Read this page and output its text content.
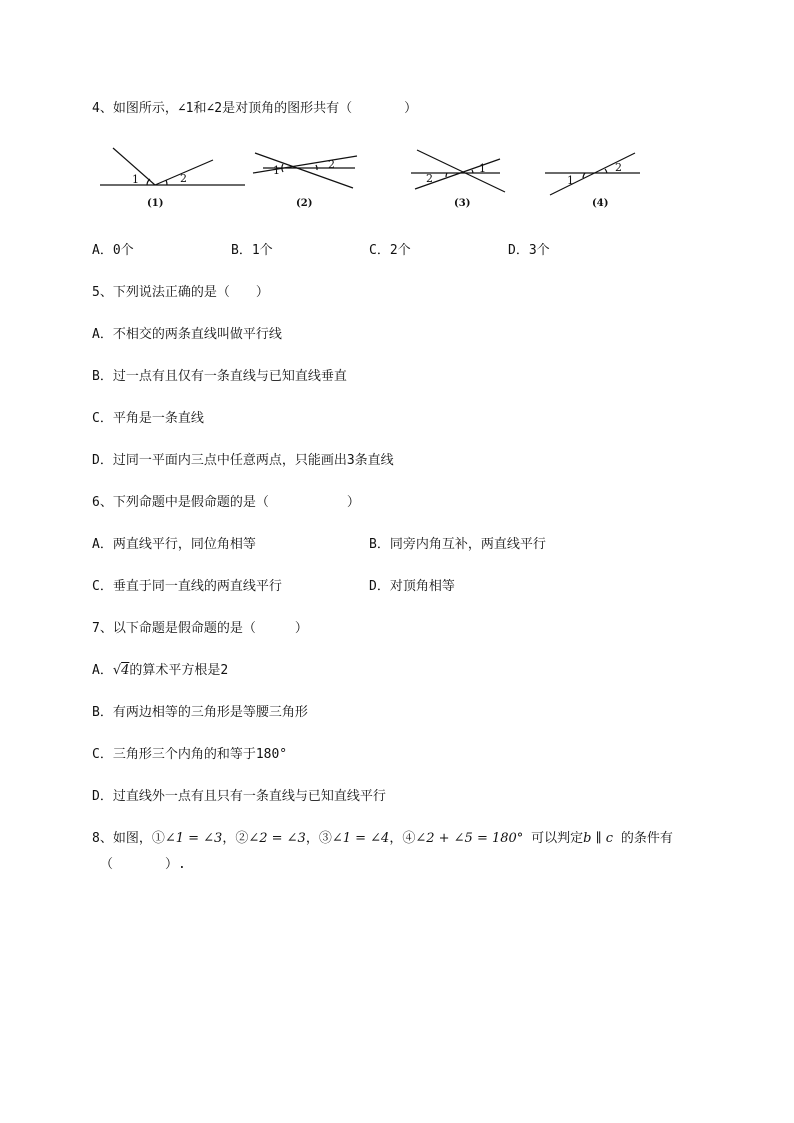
4、如图所示，∠1和∠2是对顶角的图形共有（　　　　）
1	2
1	2	1
2	1
2
(1)	(2)	(3)	(4)
A．0个	B．1个	C．2个	D．3个
5、下列说法正确的是（　　）
A．不相交的两条直线叫做平行线
B．过一点有且仅有一条直线与已知直线垂直
C．平角是一条直线
D．过同一平面内三点中任意两点，只能画出3条直线
6、下列命题中是假命题的是（　　　　　　）
A．两直线平行，同位角相等	B．同旁内角互补，两直线平行
C．垂直于同一直线的两直线平行	D．对顶角相等
7、以下命题是假命题的是（　　　）
A．√4的算术平方根是2
B．有两边相等的三角形是等腰三角形
C．三角形三个内角的和等于180°
D．过直线外一点有且只有一条直线与已知直线平行
8、如图，①∠1 = ∠3，②∠2 = ∠3，③∠1 = ∠4，④∠2 + ∠5 = 180° 可以判定b ∥ c 的条件有
（　　　　）.
